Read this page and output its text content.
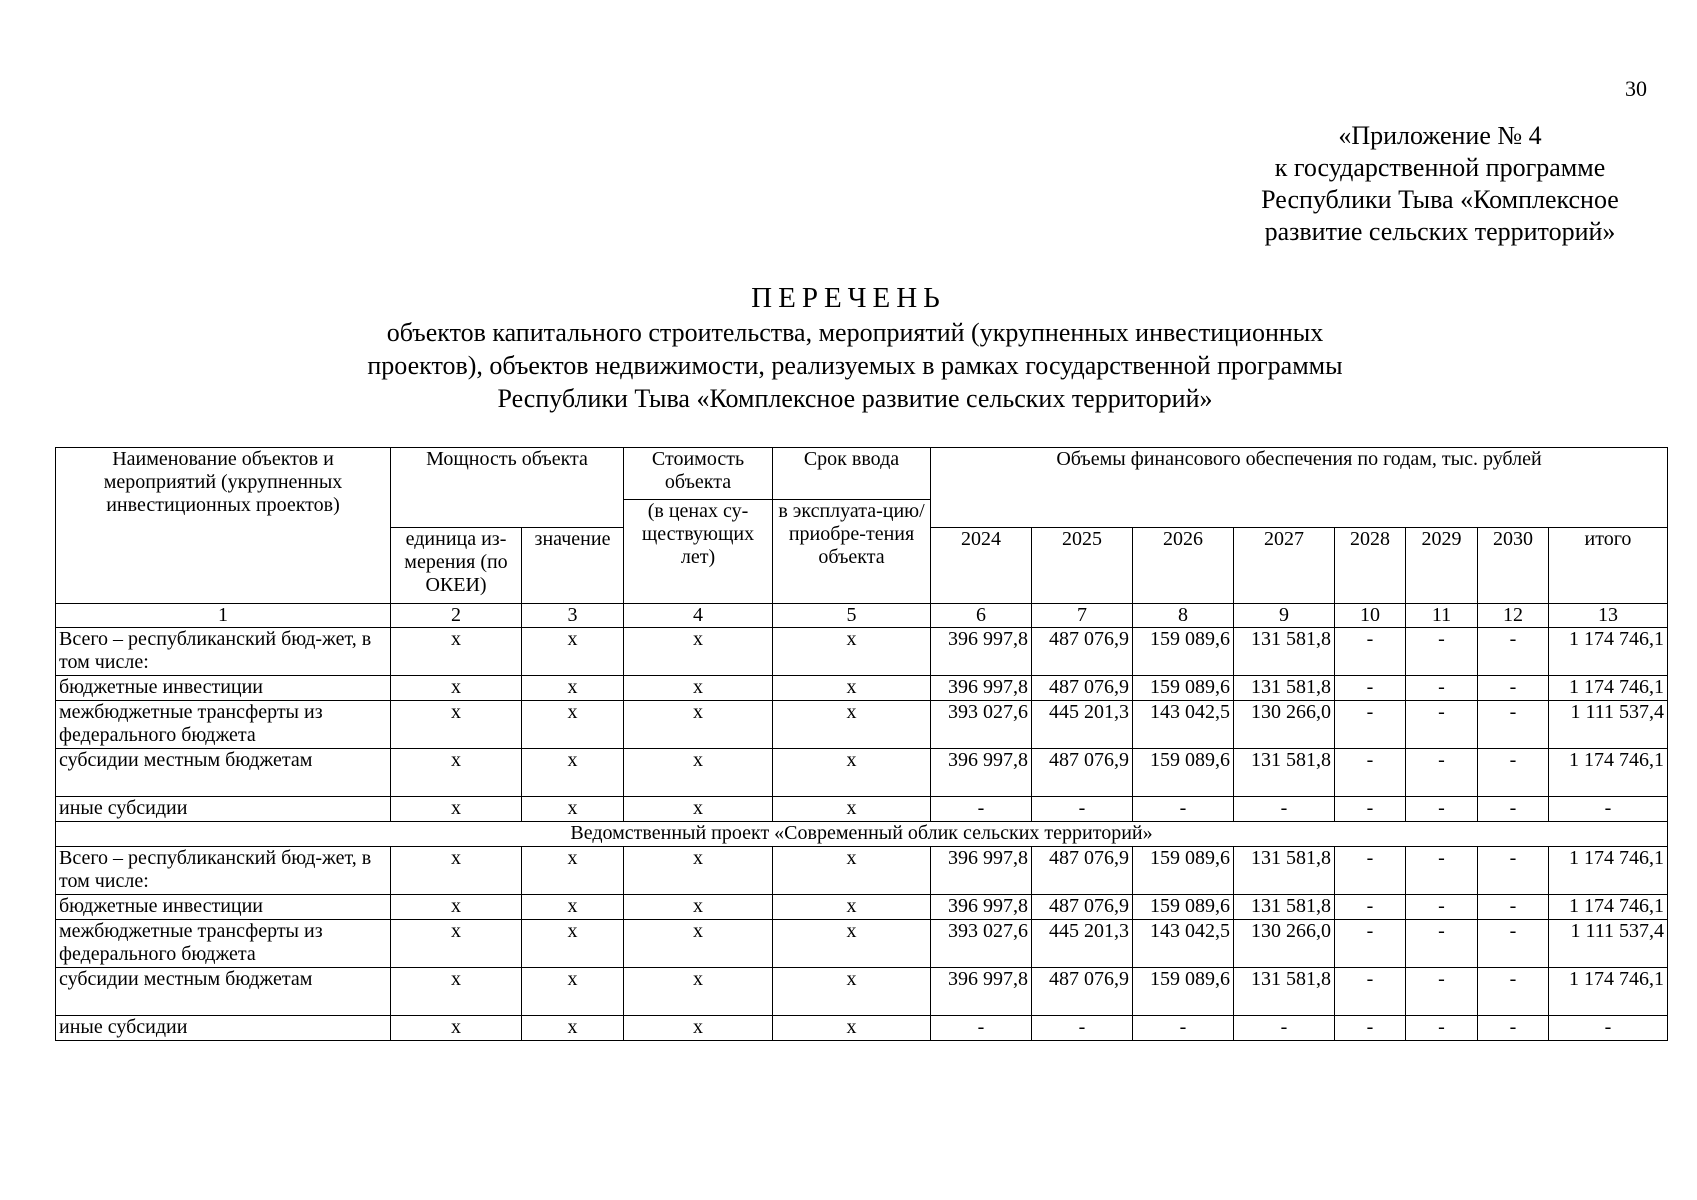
30
«Приложение № 4
к государственной программе
Республики Тыва «Комплексное
развитие сельских территорий»
ПЕРЕЧЕНЬ
объектов капитального строительства, мероприятий (укрупненных инвестиционных
проектов), объектов недвижимости, реализуемых в рамках государственной программы
Республики Тыва «Комплексное развитие сельских территорий»
Наименование объектов и мероприятий (укрупненных инвестиционных проектов)	Мощность объекта		Стоимость объекта	Срок ввода	Объемы финансового обеспечения по годам, тыс. рублей							
			(в ценах су-ществующих лет)	в эксплуата-цию/ приобре-тения объекта								
	единица из-мерения (по ОКЕИ)	значение			2024	2025	2026	2027	2028	2029	2030	итого
1	2	3	4	5	6	7	8	9	10	11	12	13
Всего – республиканский бюд-жет, в том числе:	х	х	х	х	396 997,8	487 076,9	159 089,6	131 581,8	-	-	-	1 174 746,1
бюджетные инвестиции	х	х	х	х	396 997,8	487 076,9	159 089,6	131 581,8	-	-	-	1 174 746,1
межбюджетные трансферты из федерального бюджета	х	х	х	х	393 027,6	445 201,3	143 042,5	130 266,0	-	-	-	1 111 537,4
субсидии местным бюджетам	х	х	х	х	396 997,8	487 076,9	159 089,6	131 581,8	-	-	-	1 174 746,1
иные субсидии	х	х	х	х	-	-	-	-	-	-	-	-
Ведомственный проект «Современный облик сельских территорий»												
Всего – республиканский бюд-жет, в том числе:	х	х	х	х	396 997,8	487 076,9	159 089,6	131 581,8	-	-	-	1 174 746,1
бюджетные инвестиции	х	х	х	х	396 997,8	487 076,9	159 089,6	131 581,8	-	-	-	1 174 746,1
межбюджетные трансферты из федерального бюджета	х	х	х	х	393 027,6	445 201,3	143 042,5	130 266,0	-	-	-	1 111 537,4
субсидии местным бюджетам	х	х	х	х	396 997,8	487 076,9	159 089,6	131 581,8	-	-	-	1 174 746,1
иные субсидии	х	х	х	х	-	-	-	-	-	-	-	-
